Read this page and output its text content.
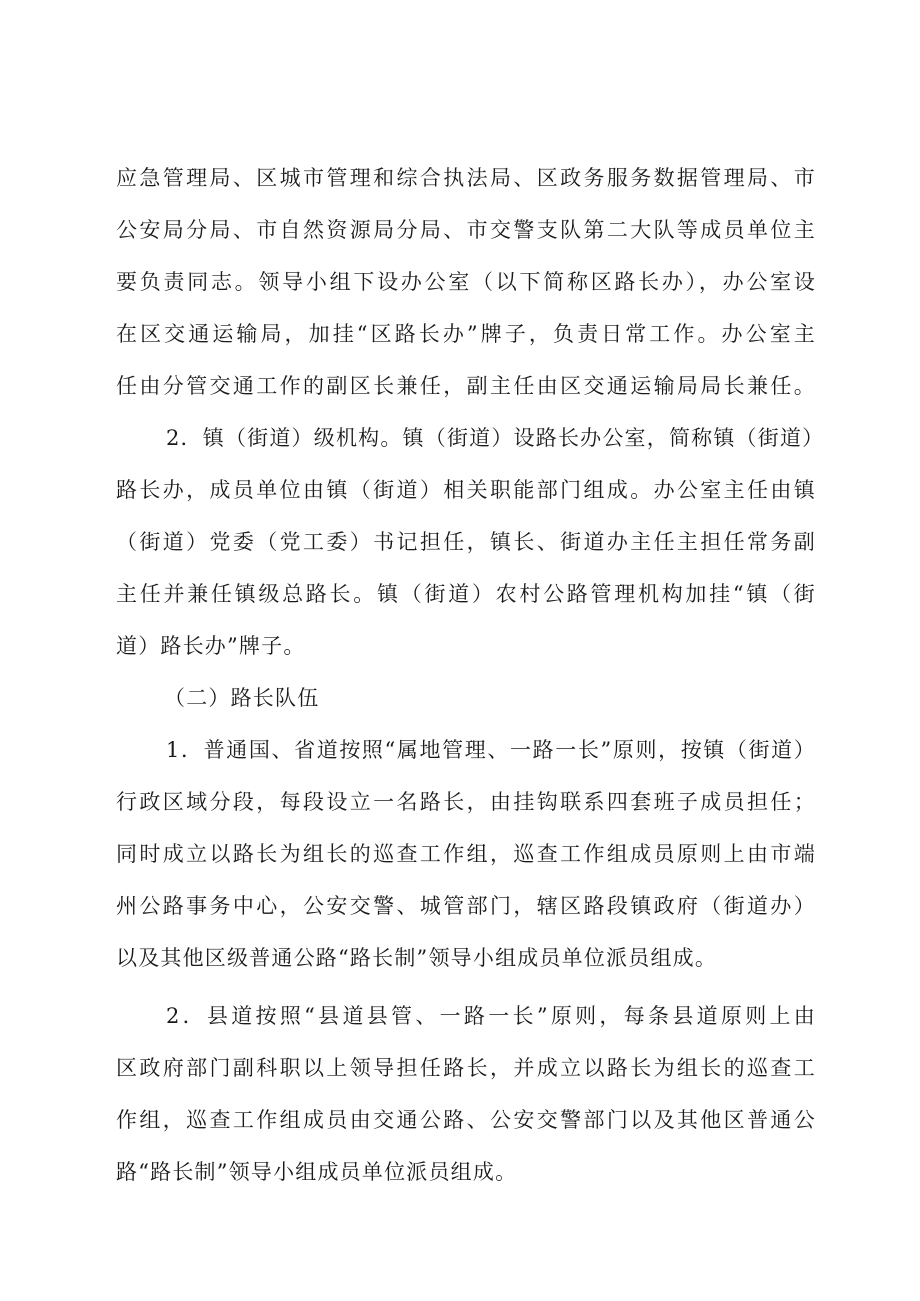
应急管理局、区城市管理和综合执法局、区政务服务数据管理局、市
公安局分局、市自然资源局分局、市交警支队第二大队等成员单位主
要负责同志。领导小组下设办公室（以下简称区路长办），办公室设
在区交通运输局，加挂“区路长办”牌子，负责日常工作。办公室主
任由分管交通工作的副区长兼任，副主任由区交通运输局局长兼任。
2．镇（街道）级机构。镇（街道）设路长办公室，简称镇（街道）
路长办，成员单位由镇（街道）相关职能部门组成。办公室主任由镇
（街道）党委（党工委）书记担任，镇长、街道办主任主担任常务副
主任并兼任镇级总路长。镇（街道）农村公路管理机构加挂“镇（街
道）路长办”牌子。
（二）路长队伍
1．普通国、省道按照“属地管理、一路一长”原则，按镇（街道）
行政区域分段，每段设立一名路长，由挂钩联系四套班子成员担任；
同时成立以路长为组长的巡查工作组，巡查工作组成员原则上由市端
州公路事务中心，公安交警、城管部门，辖区路段镇政府（街道办）
以及其他区级普通公路“路长制”领导小组成员单位派员组成。
2．县道按照“县道县管、一路一长”原则，每条县道原则上由
区政府部门副科职以上领导担任路长，并成立以路长为组长的巡查工
作组，巡查工作组成员由交通公路、公安交警部门以及其他区普通公
路“路长制”领导小组成员单位派员组成。
